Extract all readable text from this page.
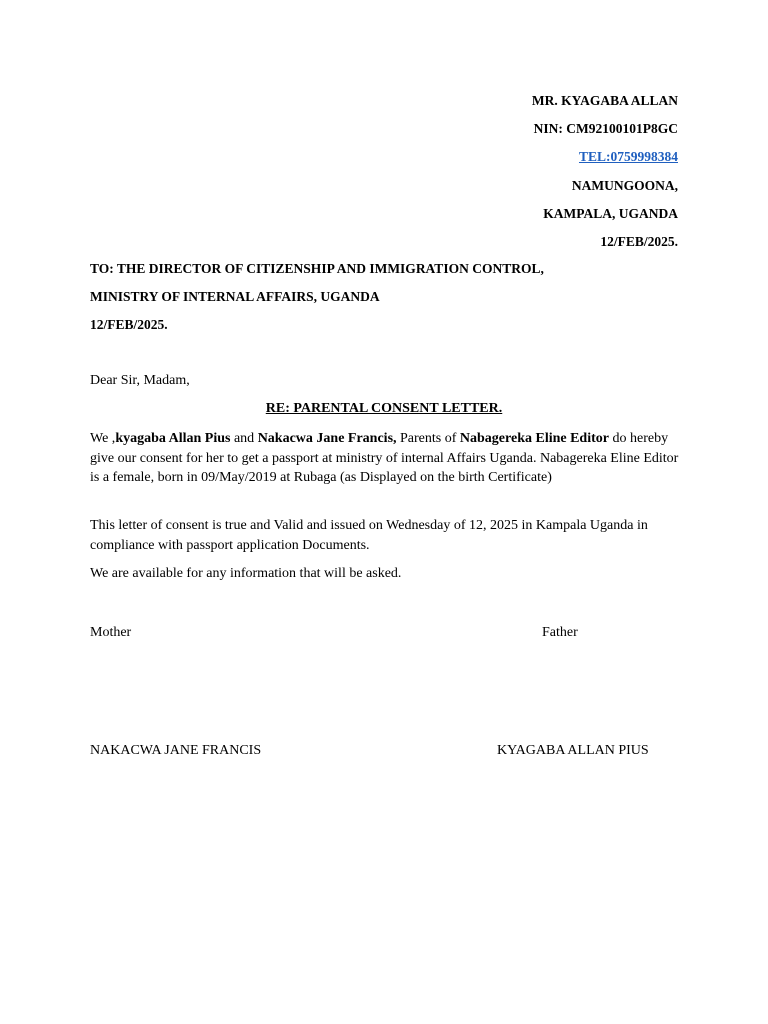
MR. KYAGABA ALLAN
NIN: CM92100101P8GC
TEL:0759998384
NAMUNGOONA,
KAMPALA, UGANDA
12/FEB/2025.
TO: THE DIRECTOR OF CITIZENSHIP AND IMMIGRATION CONTROL,
MINISTRY OF INTERNAL AFFAIRS, UGANDA
12/FEB/2025.
Dear Sir, Madam,
RE: PARENTAL CONSENT LETTER.
We ,kyagaba Allan Pius and Nakacwa Jane Francis, Parents of Nabagereka Eline Editor do hereby give our consent for her to get a passport at ministry of internal Affairs Uganda. Nabagereka Eline Editor is a female, born in 09/May/2019 at Rubaga (as Displayed on the birth Certificate)
This letter of consent is true and Valid and issued on Wednesday of 12, 2025 in Kampala Uganda in compliance with passport application Documents.
We are available for any information that will be asked.
Mother	Father
NAKACWA JANE FRANCIS	KYAGABA ALLAN PIUS
